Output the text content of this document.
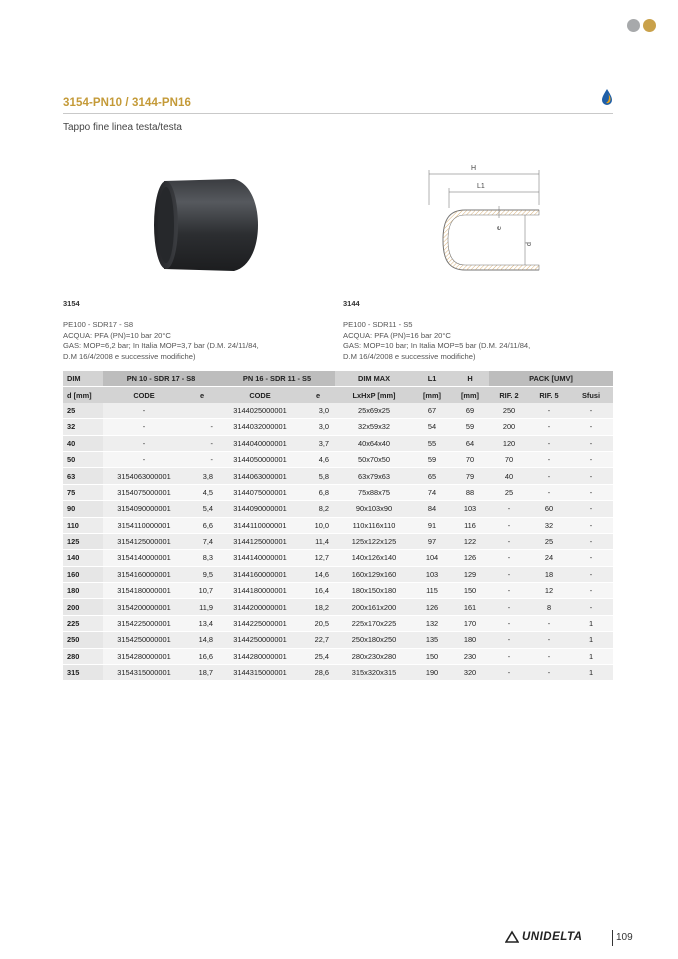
3154-PN10 / 3144-PN16
Tappo fine linea testa/testa
H
L1
e
d
3154
PE100 - SDR17 - S8
ACQUA: PFA (PN)=10 bar 20°C
GAS: MOP=6,2 bar; In Italia MOP=3,7 bar (D.M. 24/11/84,
D.M 16/4/2008 e successive modifiche)
3144
PE100 - SDR11 - S5
ACQUA: PFA (PN)=16 bar 20°C
GAS: MOP=10 bar; In Italia MOP=5 bar (D.M. 24/11/84,
D.M 16/4/2008 e successive modifiche)
DIM	PN 10 - SDR 17 - S8		PN 16 - SDR 11 - S5		DIM MAX	L1	H	PACK [UMV]		
d [mm]	CODE	e	CODE	e	LxHxP [mm]	[mm]	[mm]	RIF. 2	RIF. 5	Sfusi
25	-		3144025000001	3,0	25x69x25	67	69	250	-	-
32	-	-	3144032000001	3,0	32x59x32	54	59	200	-	-
40	-	-	3144040000001	3,7	40x64x40	55	64	120	-	-
50	-	-	3144050000001	4,6	50x70x50	59	70	70	-	-
63	3154063000001	3,8	3144063000001	5,8	63x79x63	65	79	40	-	-
75	3154075000001	4,5	3144075000001	6,8	75x88x75	74	88	25	-	-
90	3154090000001	5,4	3144090000001	8,2	90x103x90	84	103	-	60	-
110	3154110000001	6,6	3144110000001	10,0	110x116x110	91	116	-	32	-
125	3154125000001	7,4	3144125000001	11,4	125x122x125	97	122	-	25	-
140	3154140000001	8,3	3144140000001	12,7	140x126x140	104	126	-	24	-
160	3154160000001	9,5	3144160000001	14,6	160x129x160	103	129	-	18	-
180	3154180000001	10,7	3144180000001	16,4	180x150x180	115	150	-	12	-
200	3154200000001	11,9	3144200000001	18,2	200x161x200	126	161	-	8	-
225	3154225000001	13,4	3144225000001	20,5	225x170x225	132	170	-	-	1
250	3154250000001	14,8	3144250000001	22,7	250x180x250	135	180	-	-	1
280	3154280000001	16,6	3144280000001	25,4	280x230x280	150	230	-	-	1
315	3154315000001	18,7	3144315000001	28,6	315x320x315	190	320	-	-	1
UNIDELTA	109
